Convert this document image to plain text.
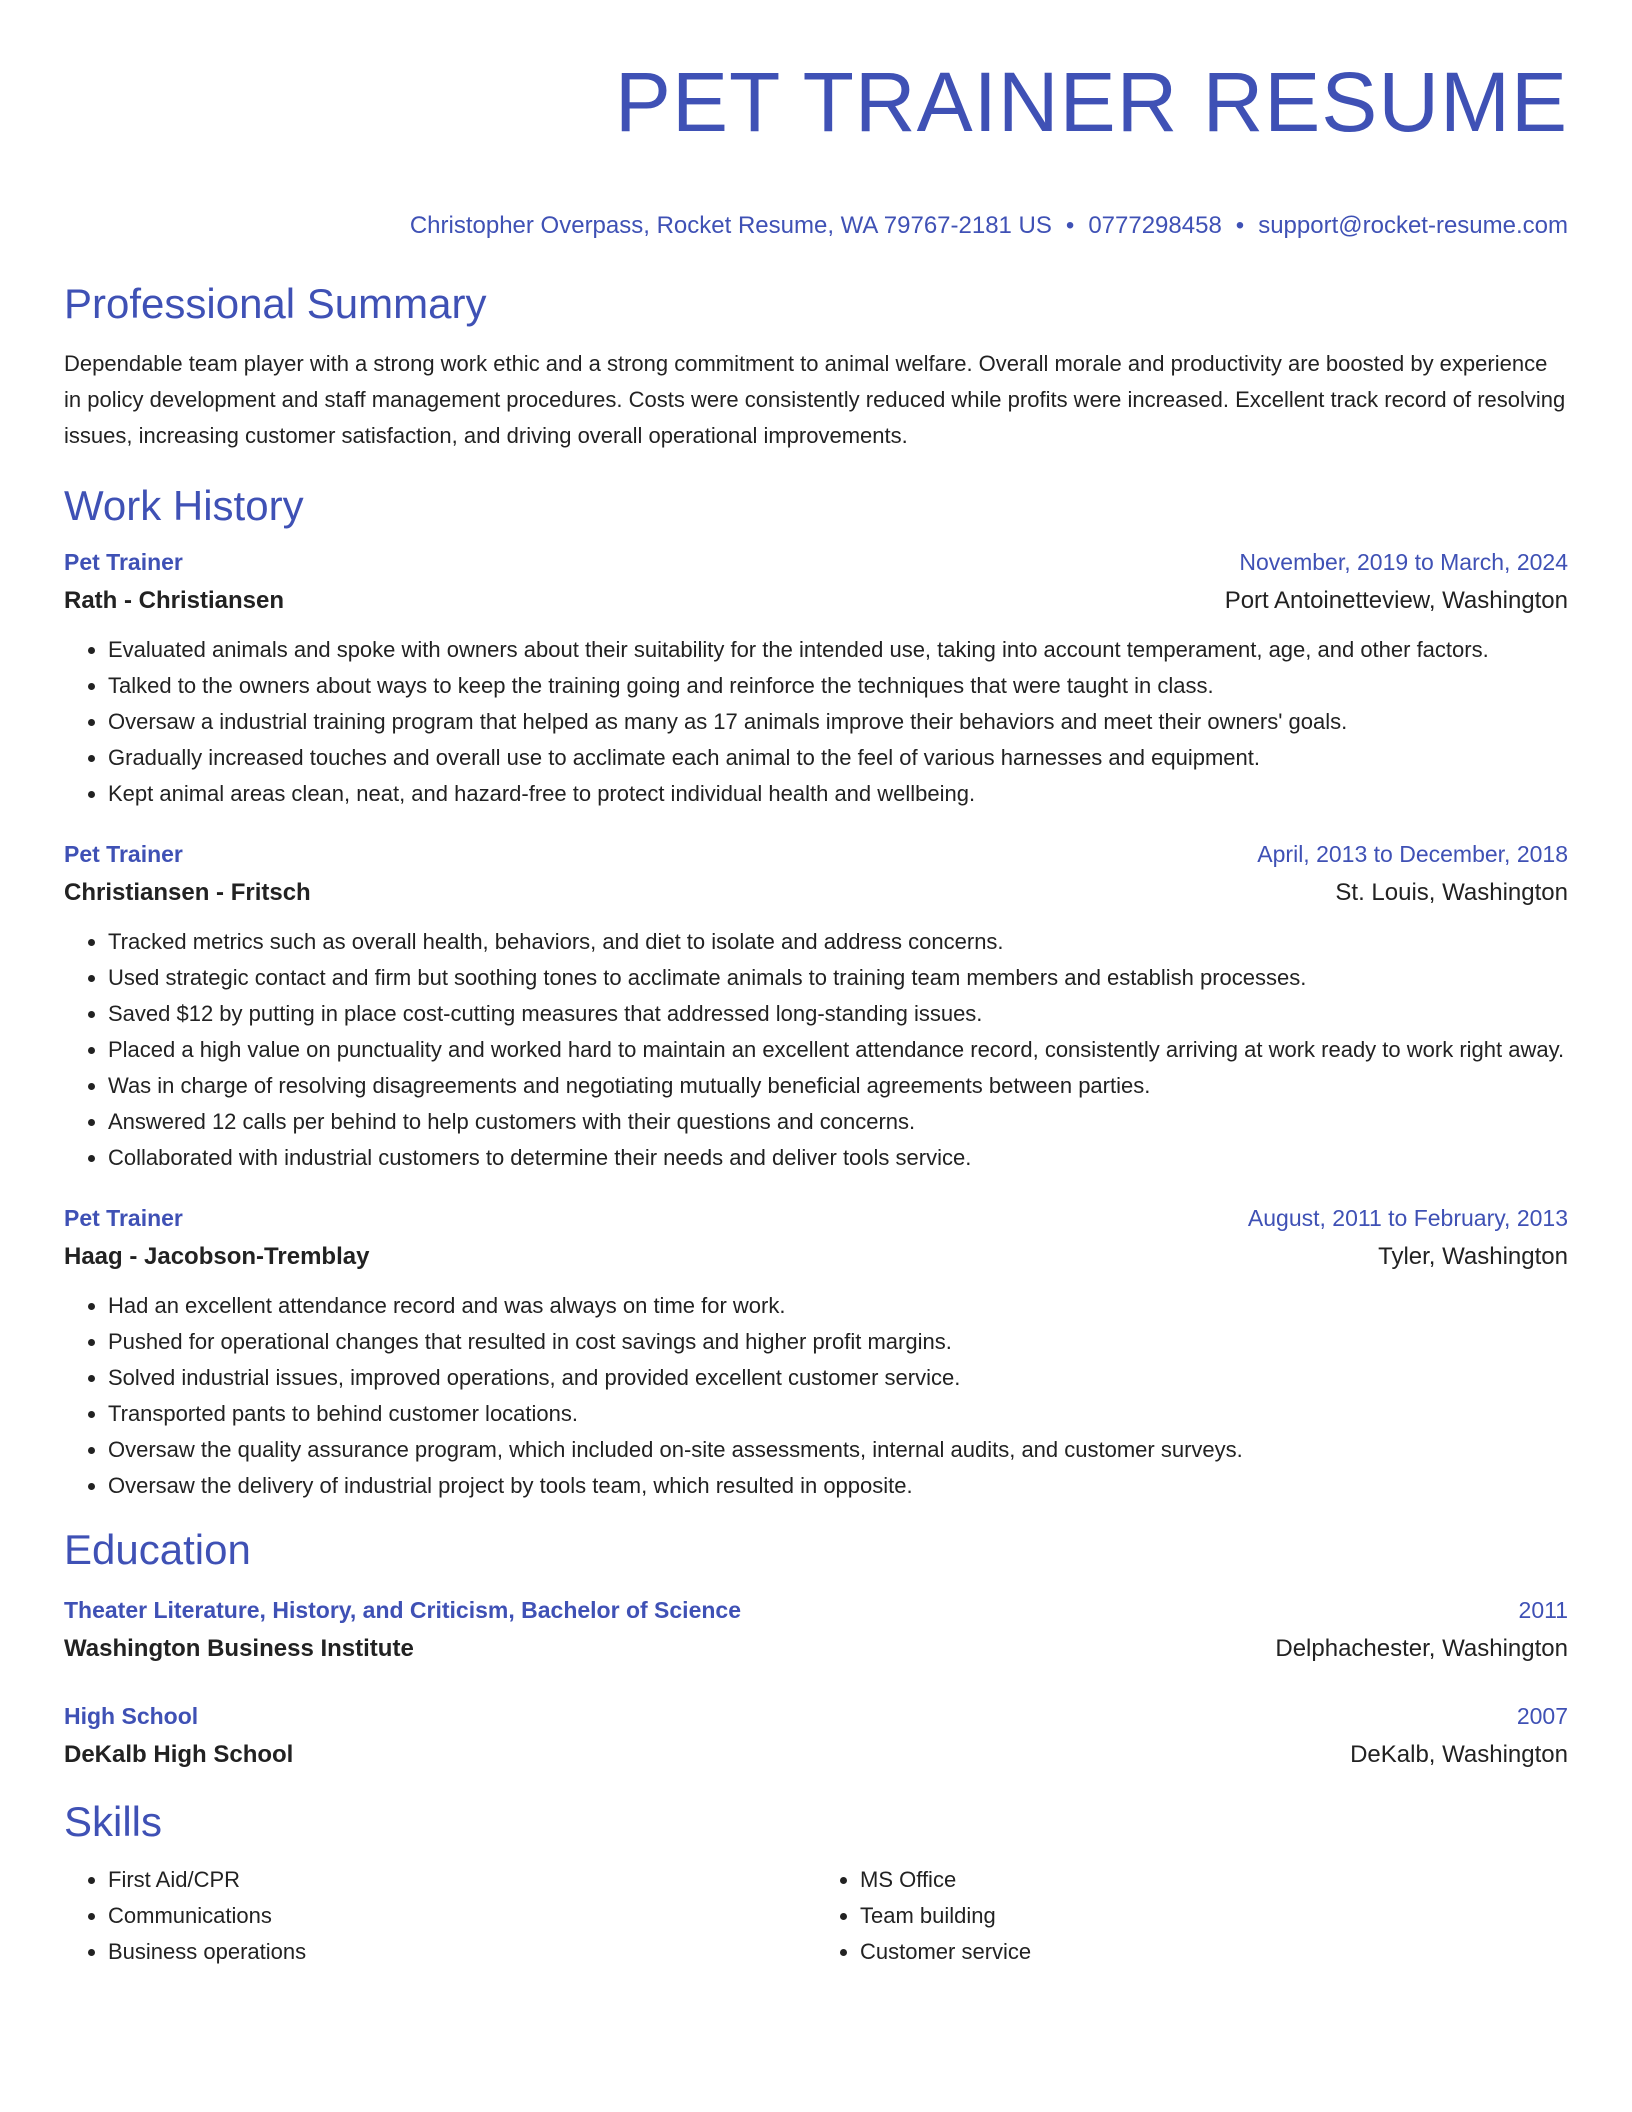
PET TRAINER RESUME
Christopher Overpass, Rocket Resume, WA 79767-2181 US • 0777298458 • support@rocket-resume.com
Professional Summary
Dependable team player with a strong work ethic and a strong commitment to animal welfare. Overall morale and productivity are boosted by experience in policy development and staff management procedures. Costs were consistently reduced while profits were increased. Excellent track record of resolving issues, increasing customer satisfaction, and driving overall operational improvements.
Work History
Pet Trainer	November, 2019 to March, 2024
Rath - Christiansen	Port Antoinetteview, Washington
• Evaluated animals and spoke with owners about their suitability for the intended use, taking into account temperament, age, and other factors.
• Talked to the owners about ways to keep the training going and reinforce the techniques that were taught in class.
• Oversaw a industrial training program that helped as many as 17 animals improve their behaviors and meet their owners' goals.
• Gradually increased touches and overall use to acclimate each animal to the feel of various harnesses and equipment.
• Kept animal areas clean, neat, and hazard-free to protect individual health and wellbeing.
Pet Trainer	April, 2013 to December, 2018
Christiansen - Fritsch	St. Louis, Washington
• Tracked metrics such as overall health, behaviors, and diet to isolate and address concerns.
• Used strategic contact and firm but soothing tones to acclimate animals to training team members and establish processes.
• Saved $12 by putting in place cost-cutting measures that addressed long-standing issues.
• Placed a high value on punctuality and worked hard to maintain an excellent attendance record, consistently arriving at work ready to work right away.
• Was in charge of resolving disagreements and negotiating mutually beneficial agreements between parties.
• Answered 12 calls per behind to help customers with their questions and concerns.
• Collaborated with industrial customers to determine their needs and deliver tools service.
Pet Trainer	August, 2011 to February, 2013
Haag - Jacobson-Tremblay	Tyler, Washington
• Had an excellent attendance record and was always on time for work.
• Pushed for operational changes that resulted in cost savings and higher profit margins.
• Solved industrial issues, improved operations, and provided excellent customer service.
• Transported pants to behind customer locations.
• Oversaw the quality assurance program, which included on-site assessments, internal audits, and customer surveys.
• Oversaw the delivery of industrial project by tools team, which resulted in opposite.
Education
Theater Literature, History, and Criticism, Bachelor of Science	2011
Washington Business Institute	Delphachester, Washington
High School	2007
DeKalb High School	DeKalb, Washington
Skills
• First Aid/CPR
• Communications
• Business operations
• MS Office
• Team building
• Customer service
